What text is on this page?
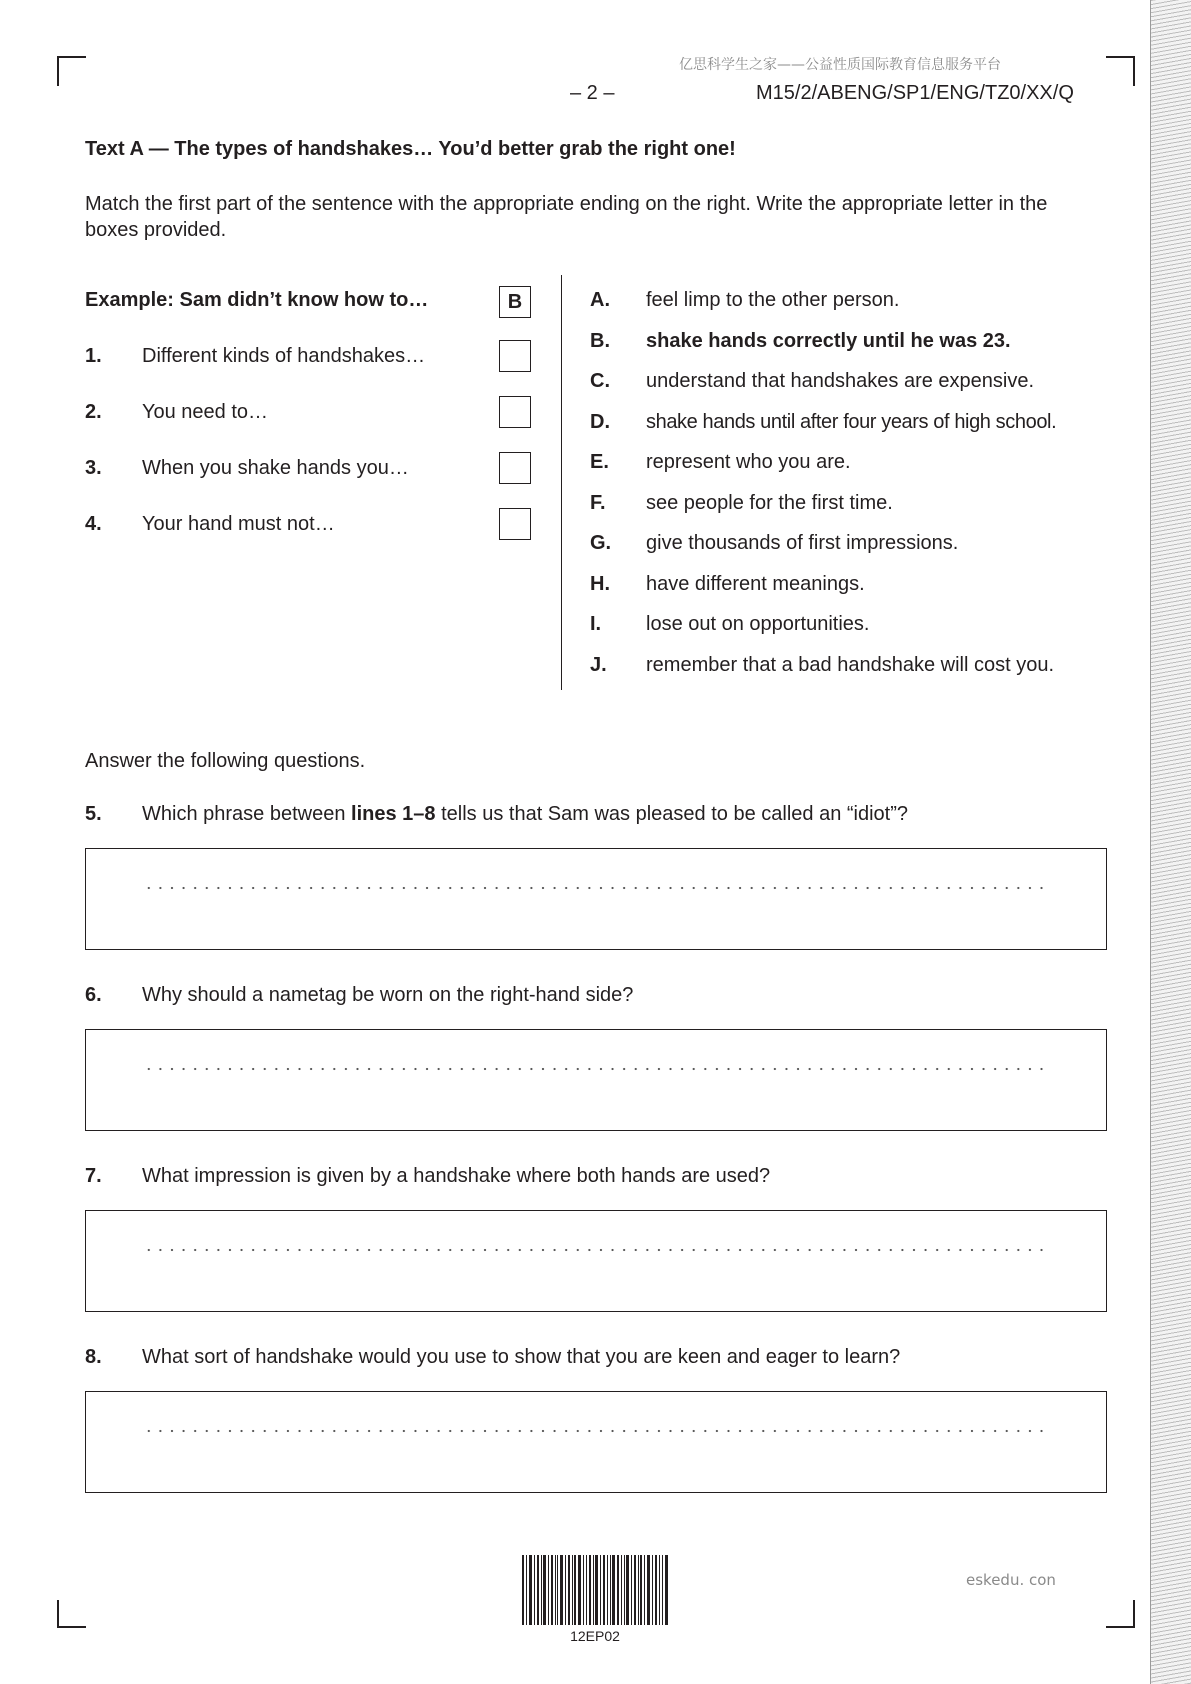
亿思科学生之家——公益性质国际教育信息服务平台
– 2 –	M15/2/ABENG/SP1/ENG/TZ0/XX/Q
Text A — The types of handshakes… You’d better grab the right one!
Match the first part of the sentence with the appropriate ending on the right. Write the appropriate letter in the boxes provided.
Example: Sam didn’t know how to…	B
1. Different kinds of handshakes…
2. You need to…
3. When you shake hands you…
4. Your hand must not…
A. feel limp to the other person.
B. shake hands correctly until he was 23.
C. understand that handshakes are expensive.
D. shake hands until after four years of high school.
E. represent who you are.
F. see people for the first time.
G. give thousands of first impressions.
H. have different meanings.
I. lose out on opportunities.
J. remember that a bad handshake will cost you.
Answer the following questions.
5. Which phrase between lines 1–8 tells us that Sam was pleased to be called an “idiot”?
6. Why should a nametag be worn on the right-hand side?
7. What impression is given by a handshake where both hands are used?
8. What sort of handshake would you use to show that you are keen and eager to learn?
12EP02
eskedu. con
